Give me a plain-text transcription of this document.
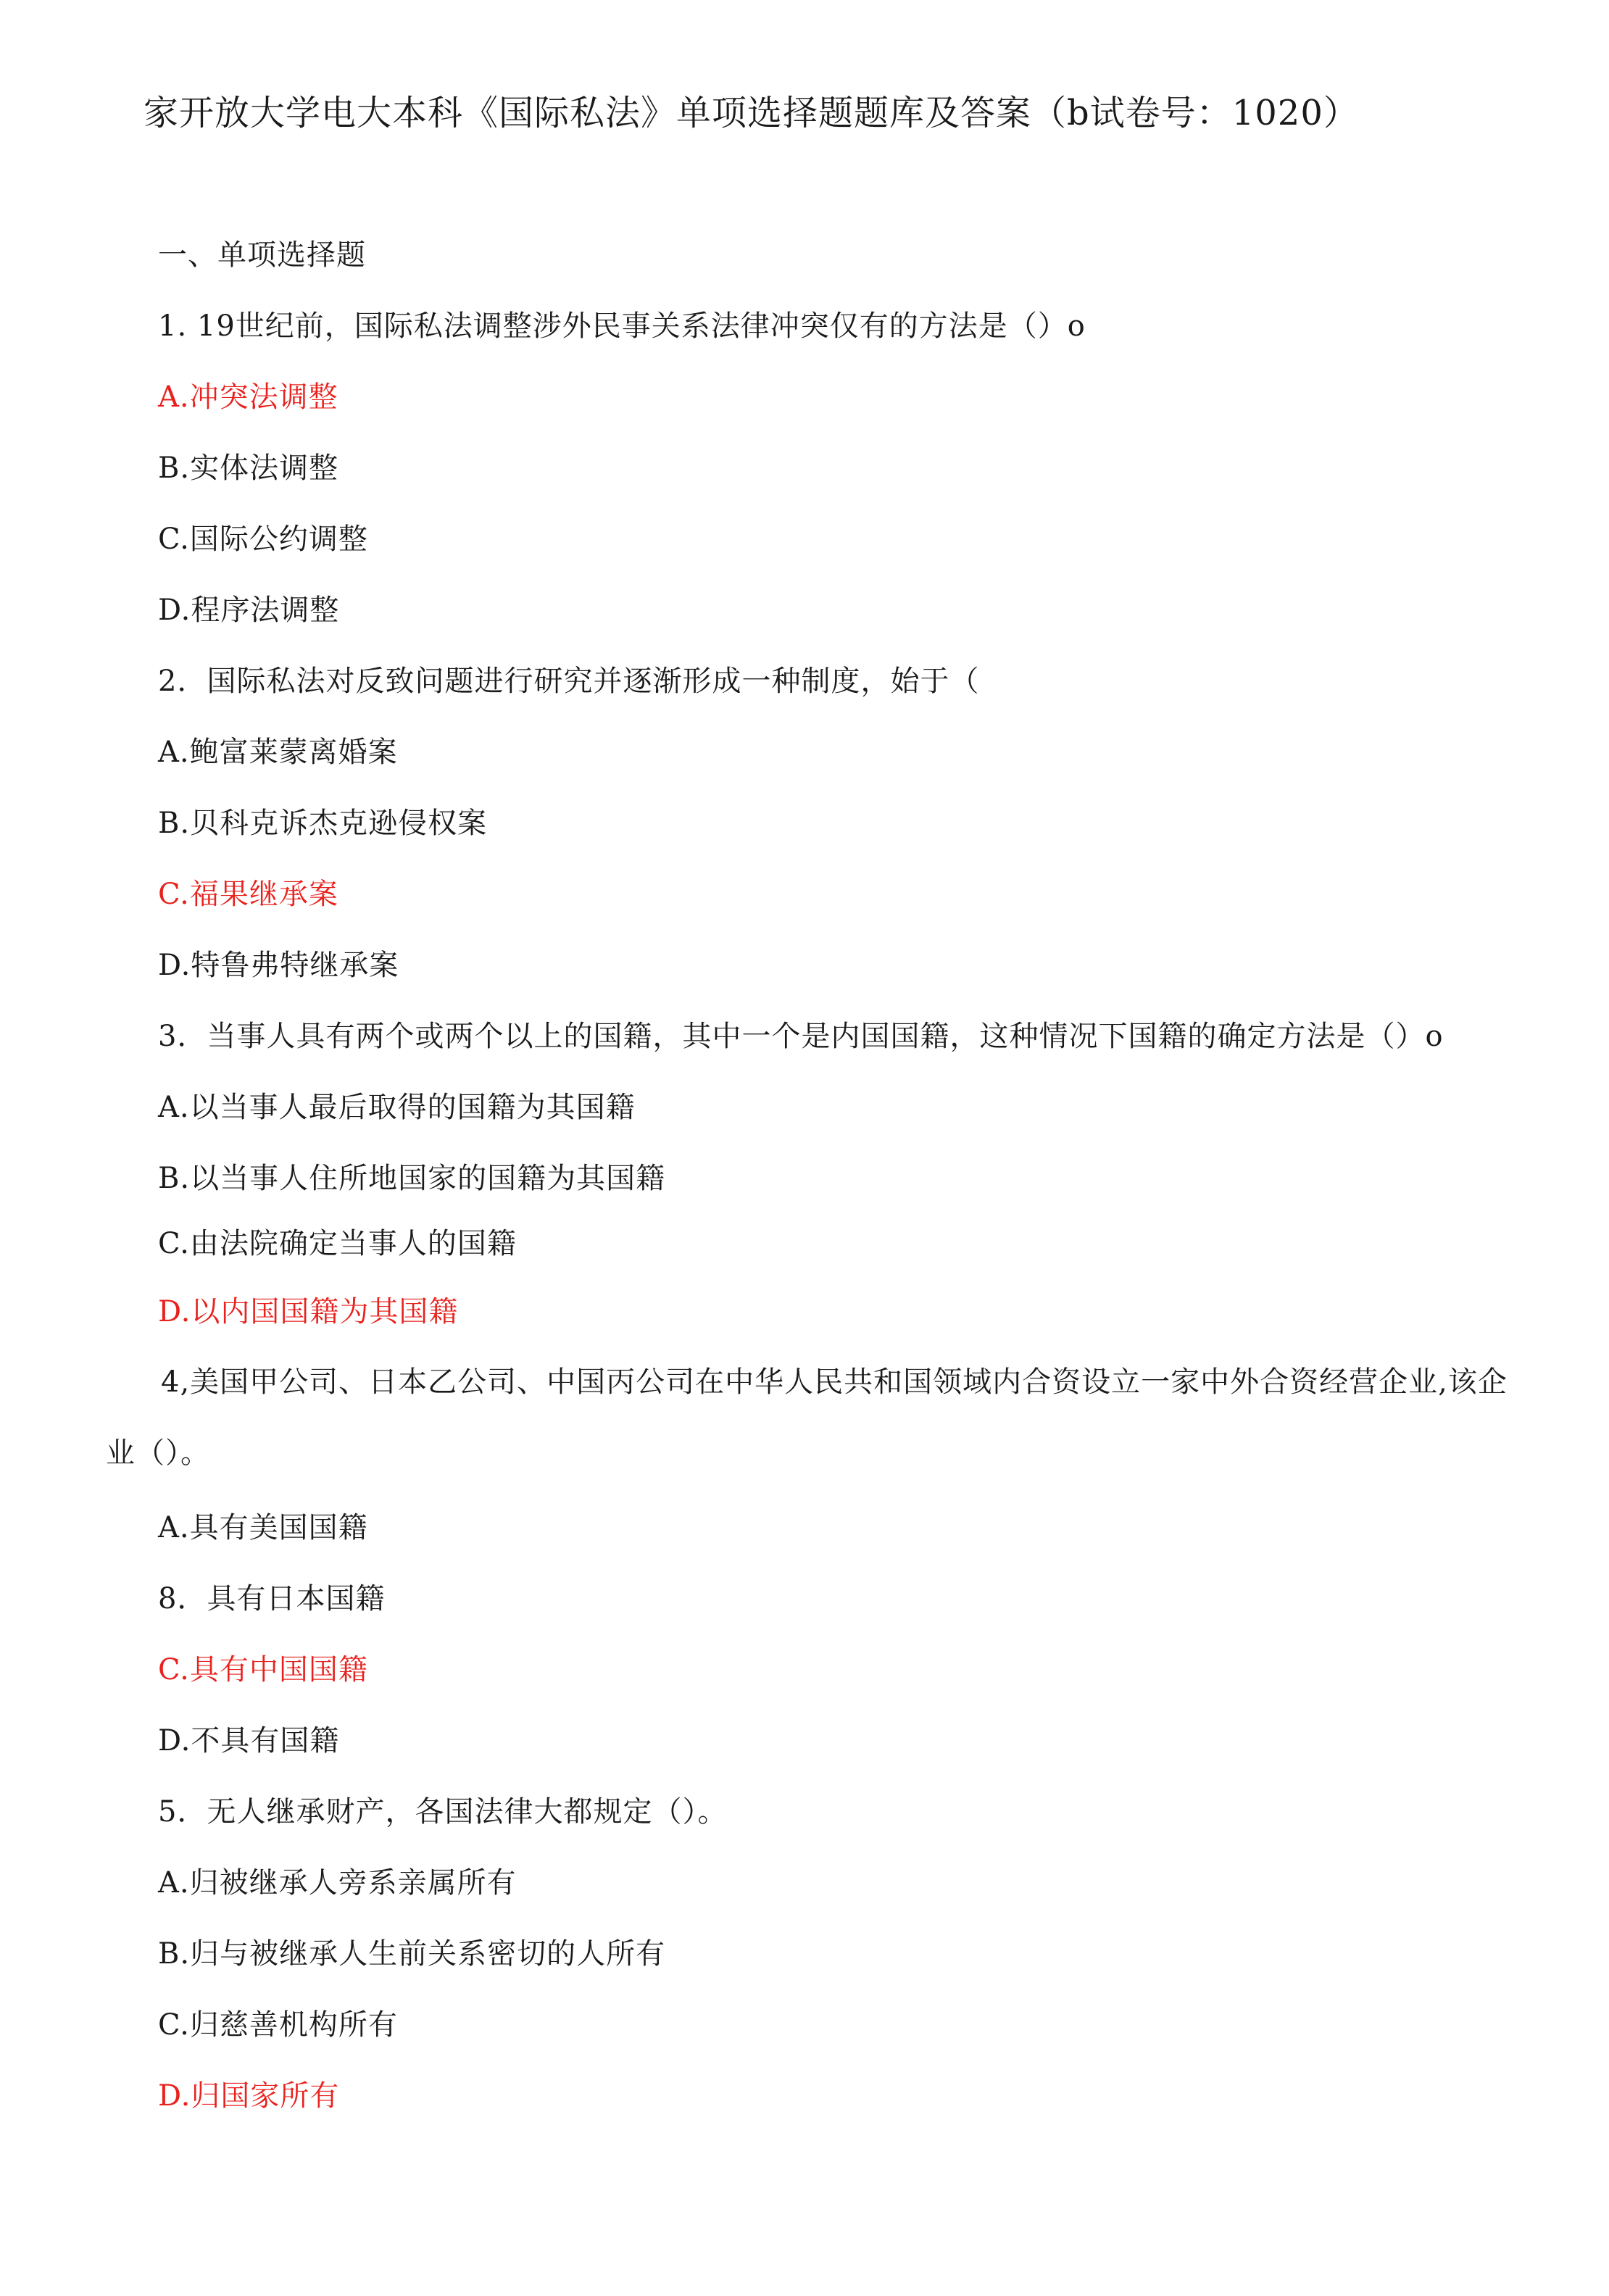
家开放大学电大本科《国际私法》单项选择题题库及答案（b试卷号：1020）
一、单项选择题
1. 19世纪前，国际私法调整涉外民事关系法律冲突仅有的方法是（）o
A.冲突法调整
B.实体法调整
C.国际公约调整
D.程序法调整
2．国际私法对反致问题进行研究并逐渐形成一种制度，始于（
A.鲍富莱蒙离婚案
B.贝科克诉杰克逊侵权案
C.福果继承案
D.特鲁弗特继承案
3．当事人具有两个或两个以上的国籍，其中一个是内国国籍，这种情况下国籍的确定方法是（）o
A.以当事人最后取得的国籍为其国籍
B.以当事人住所地国家的国籍为其国籍
C.由法院确定当事人的国籍
D.以内国国籍为其国籍
4,美国甲公司、日本乙公司、中国丙公司在中华人民共和国领域内合资设立一家中外合资经营企业,该企业（）。
A.具有美国国籍
8．具有日本国籍
C.具有中国国籍
D.不具有国籍
5．无人继承财产，各国法律大都规定（）。
A.归被继承人旁系亲属所有
B.归与被继承人生前关系密切的人所有
C.归慈善机构所有
D.归国家所有
